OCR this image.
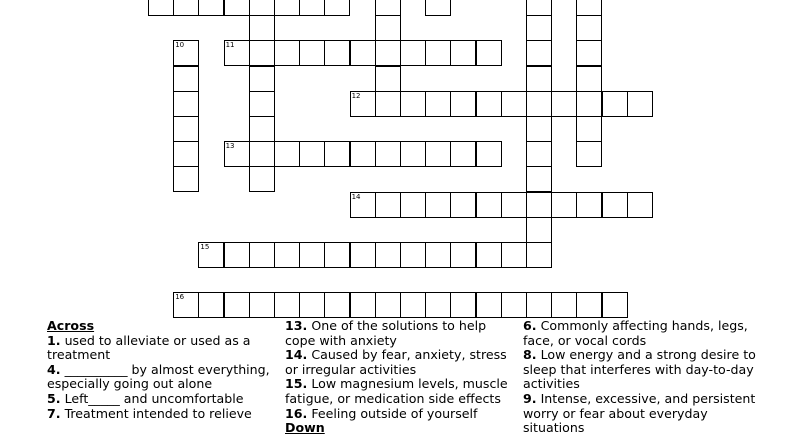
10	11
12
13
14
15
16
Across

1. used to alleviate or used as a treatment

4. __________ by almost everything, especially going out alone

5. Left_____ and uncomfortable

7. Treatment intended to relieve

13. One of the solutions to help cope with anxiety

14. Caused by fear, anxiety, stress or irregular activities

15. Low magnesium levels, muscle fatigue, or medication side effects

16. Feeling outside of yourself

Down

6. Commonly affecting hands, legs, face, or vocal cords

8. Low energy and a strong desire to sleep that interferes with day-to-day activities

9. Intense, excessive, and persistent worry or fear about everyday situations
